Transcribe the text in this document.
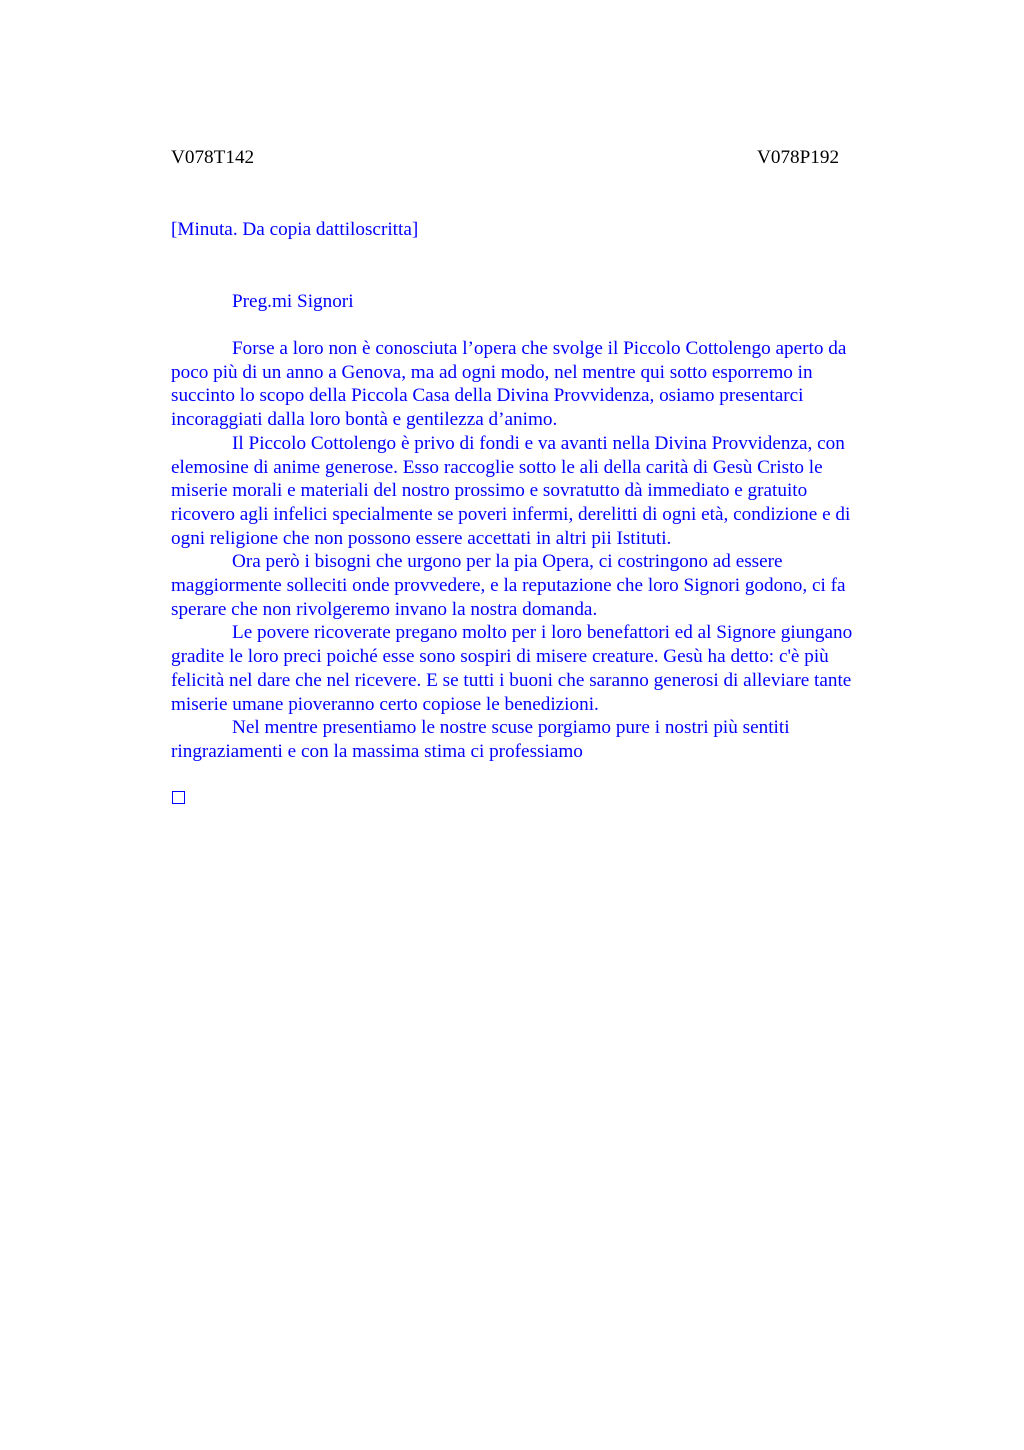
V078T142	V078P192
[Minuta. Da copia dattiloscritta]
Preg.mi Signori
Forse a loro non è conosciuta l’opera che svolge il Piccolo Cottolengo aperto da
poco più di un anno a Genova, ma ad ogni modo, nel mentre qui sotto esporremo in
succinto lo scopo della Piccola Casa della Divina Provvidenza, osiamo presentarci
incoraggiati dalla loro bontà e gentilezza d’animo.
Il Piccolo Cottolengo è privo di fondi e va avanti nella Divina Provvidenza, con
elemosine di anime generose. Esso raccoglie sotto le ali della carità di Gesù Cristo le
miserie morali e materiali del nostro prossimo e sovratutto dà immediato e gratuito
ricovero agli infelici specialmente se poveri infermi, derelitti di ogni età, condizione e di
ogni religione che non possono essere accettati in altri pii Istituti.
Ora però i bisogni che urgono per la pia Opera, ci costringono ad essere
maggiormente solleciti onde provvedere, e la reputazione che loro Signori godono, ci fa
sperare che non rivolgeremo invano la nostra domanda.
Le povere ricoverate pregano molto per i loro benefattori ed al Signore giungano
gradite le loro preci poiché esse sono sospiri di misere creature. Gesù ha detto: c'è più
felicità nel dare che nel ricevere. E se tutti i buoni che saranno generosi di alleviare tante
miserie umane pioveranno certo copiose le benedizioni.
Nel mentre presentiamo le nostre scuse porgiamo pure i nostri più sentiti
ringraziamenti e con la massima stima ci professiamo
